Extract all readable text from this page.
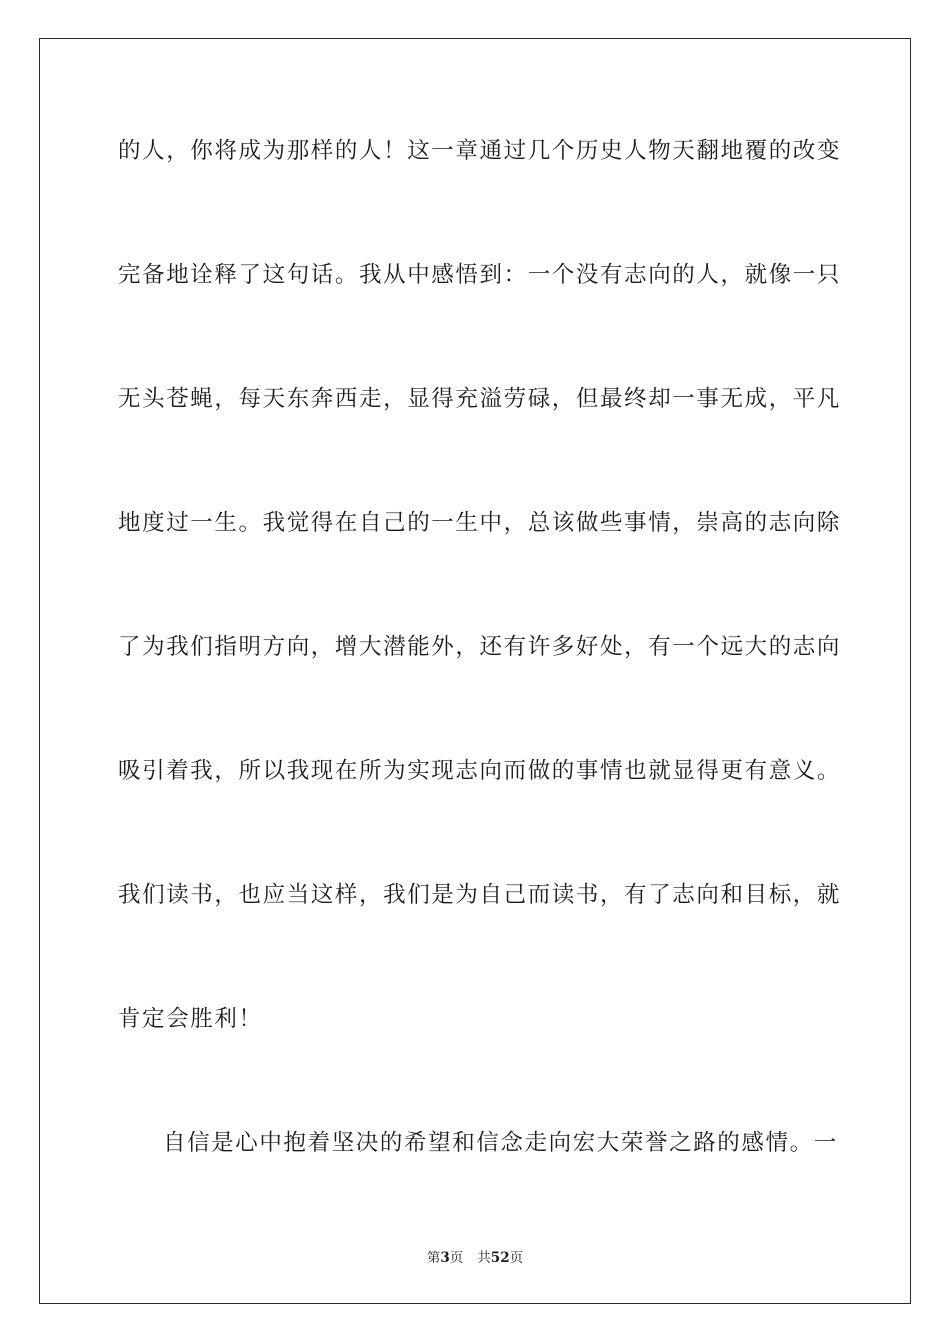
的人，你将成为那样的人！这一章通过几个历史人物天翻地覆的改变
完备地诠释了这句话。我从中感悟到：一个没有志向的人，就像一只
无头苍蝇，每天东奔西走，显得充溢劳碌，但最终却一事无成，平凡
地度过一生。我觉得在自己的一生中，总该做些事情，崇高的志向除
了为我们指明方向，增大潜能外，还有许多好处，有一个远大的志向
吸引着我，所以我现在所为实现志向而做的事情也就显得更有意义。
我们读书，也应当这样，我们是为自己而读书，有了志向和目标，就
肯定会胜利！
自信是心中抱着坚决的希望和信念走向宏大荣誉之路的感情。一
第3页 共52页
